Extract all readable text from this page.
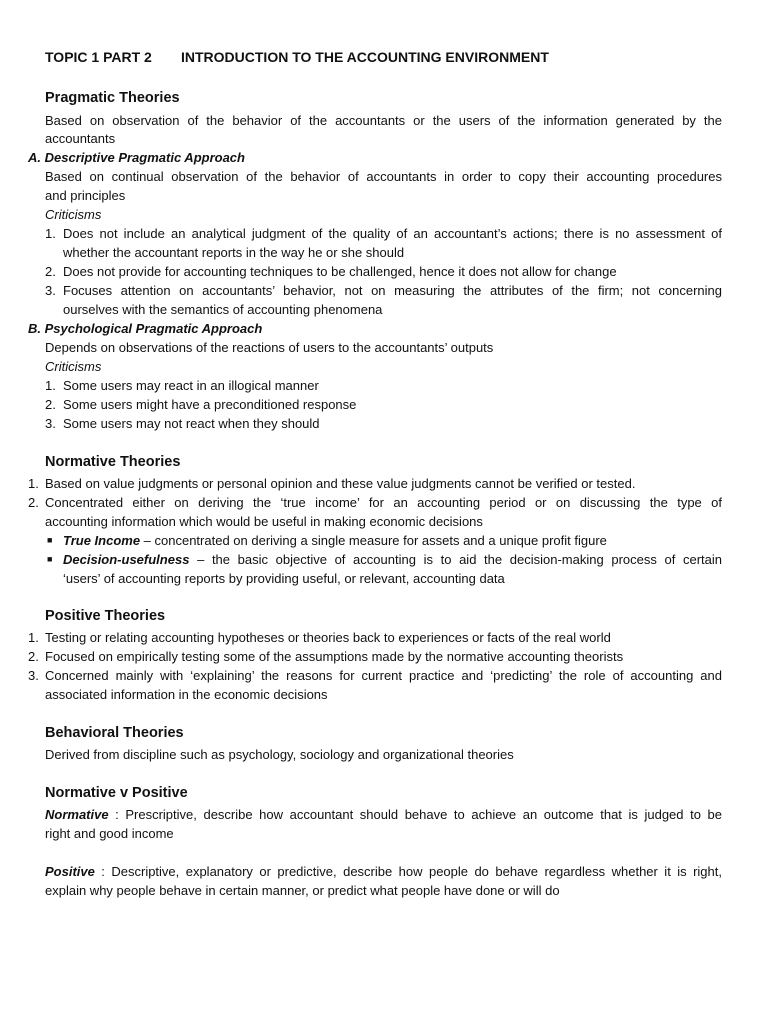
TOPIC 1 PART 2 INTRODUCTION TO THE ACCOUNTING ENVIRONMENT
Pragmatic Theories
Based on observation of the behavior of the accountants or the users of the information generated by the
accountants
A. Descriptive Pragmatic Approach
Based on continual observation of the behavior of accountants in order to copy their accounting procedures
and principles
Criticisms
1. Does not include an analytical judgment of the quality of an accountant’s actions; there is no assessment of
whether the accountant reports in the way he or she should
2. Does not provide for accounting techniques to be challenged, hence it does not allow for change
3. Focuses attention on accountants’ behavior, not on measuring the attributes of the firm; not concerning
ourselves with the semantics of accounting phenomena
B. Psychological Pragmatic Approach
Depends on observations of the reactions of users to the accountants’ outputs
Criticisms
1. Some users may react in an illogical manner
2. Some users might have a preconditioned response
3. Some users may not react when they should
Normative Theories
1. Based on value judgments or personal opinion and these value judgments cannot be verified or tested.
2. Concentrated either on deriving the ‘true income’ for an accounting period or on discussing the type of
accounting information which would be useful in making economic decisions
■ True Income – concentrated on deriving a single measure for assets and a unique profit figure
■ Decision-usefulness – the basic objective of accounting is to aid the decision-making process of certain
‘users’ of accounting reports by providing useful, or relevant, accounting data
Positive Theories
1. Testing or relating accounting hypotheses or theories back to experiences or facts of the real world
2. Focused on empirically testing some of the assumptions made by the normative accounting theorists
3. Concerned mainly with ‘explaining’ the reasons for current practice and ‘predicting’ the role of accounting and
associated information in the economic decisions
Behavioral Theories
Derived from discipline such as psychology, sociology and organizational theories
Normative v Positive
Normative : Prescriptive, describe how accountant should behave to achieve an outcome that is judged to be
right and good income
Positive : Descriptive, explanatory or predictive, describe how people do behave regardless whether it is right,
explain why people behave in certain manner, or predict what people have done or will do
